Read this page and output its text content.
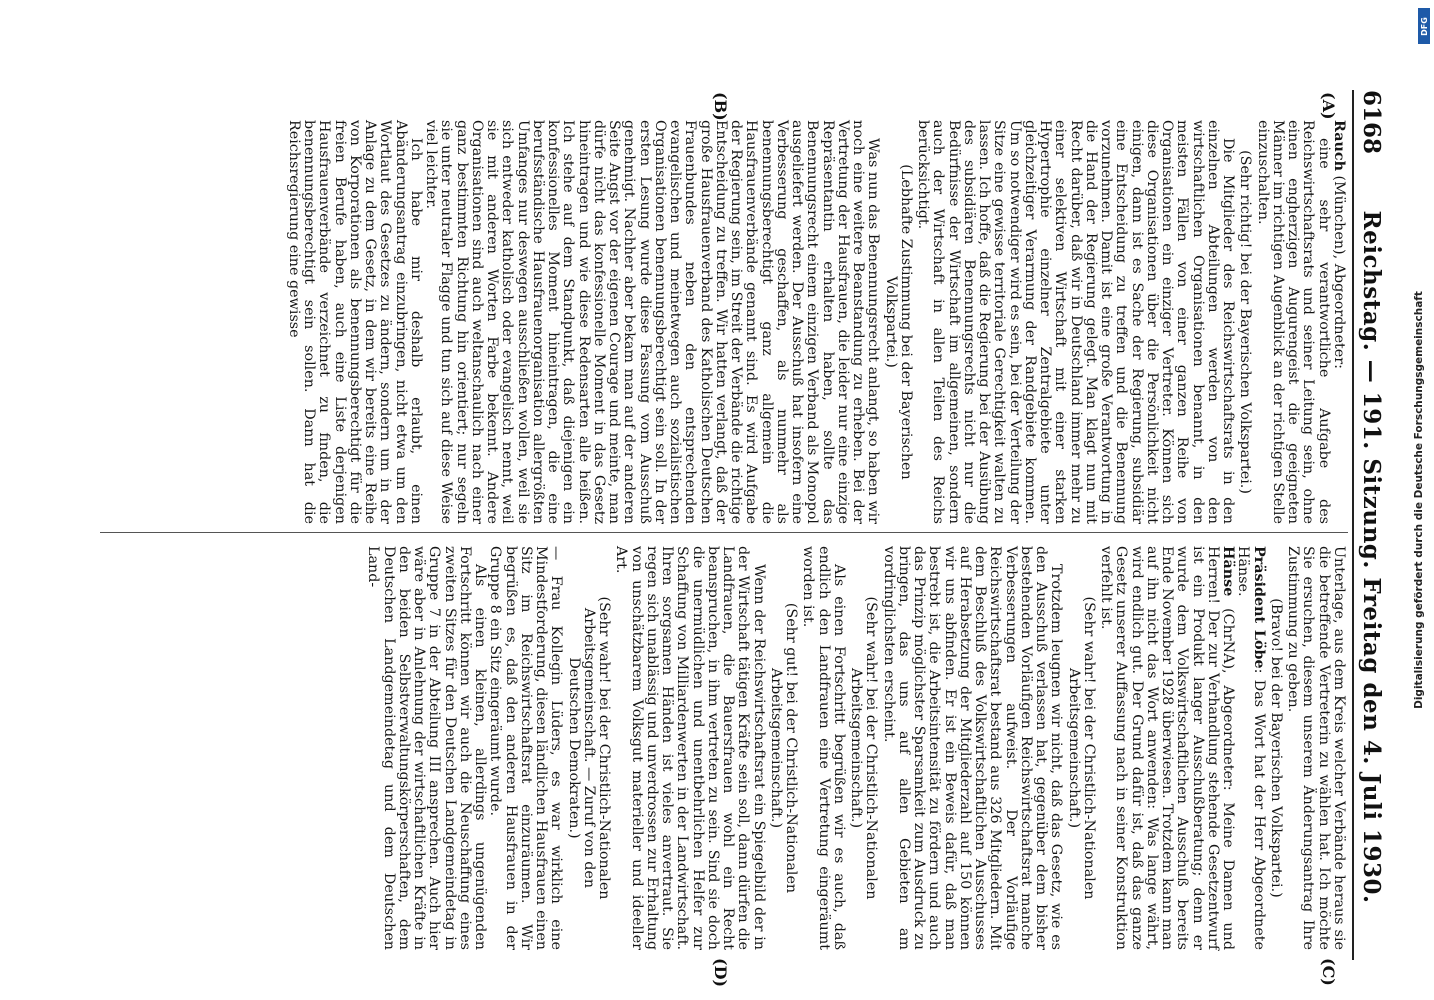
6168
Reichstag. — 191. Sitzung. Freitag den 4. Juli 1930.
(A)
(B)
(C)
(D)

Rauch (München), Abgeordneter:

eine sehr verantwortliche Aufgabe des Reichswirtschaftsrats und seiner Leitung sein, ohne einen engherzigen Augurengeist die geeigneten Männer im richtigen Augenblick an der richtigen Stelle einzuschalten.

(Sehr richtig! bei der Bayerischen Volkspartei.)

Die Mitglieder des Reichswirtschaftsrats in den einzelnen Abteilungen werden von den wirtschaftlichen Organisationen benannt, in den meisten Fällen von einer ganzen Reihe von Organisationen ein einziger Vertreter. Können sich diese Organisationen über die Persönlichkeit nicht einigen, dann ist es Sache der Regierung, subsidiär eine Entscheidung zu treffen und die Benennung vorzunehmen. Damit ist eine große Verantwortung in die Hand der Regierung gelegt. Man klagt nun mit Recht darüber, daß wir in Deutschland immer mehr zu einer selektiven Wirtschaft mit einer starken Hypertrophie einzelner Zentralgebiete unter gleichzeitiger Verarmung der Randgebiete kommen. Um so notwendiger wird es sein, bei der Verteilung der Sitze eine gewisse territoriale Gerechtigkeit walten zu lassen. Ich hoffe, daß die Regierung bei der Ausübung des subsidiären Benennungsrechts nicht nur die Bedürfnisse der Wirtschaft im allgemeinen, sondern auch der Wirtschaft in allen Teilen des Reichs berücksichtigt.

(Lebhafte Zustimmung bei der Bayerischen Volkspartei.)

Was nun das Benennungsrecht anlangt, so haben wir noch eine weitere Beanstandung zu erheben. Bei der Vertretung der Hausfrauen, die leider nur eine einzige Repräsentantin erhalten haben, sollte das Benennungsrecht einem einzigen Verband als Monopol ausgeliefert werden. Der Ausschuß hat insofern eine Verbesserung geschaffen, als nunmehr als benennungsberechtigt ganz allgemein die Hausfrauenverbände genannt sind. Es wird Aufgabe der Regierung sein, im Streit der Verbände die richtige Entscheidung zu treffen. Wir hatten verlangt, daß der große Hausfrauenverband des Katholischen Deutschen Frauenbundes neben den entsprechenden evangelischen und meinetwegen auch sozialistischen Organisationen benennungsberechtigt sein soll. In der ersten Lesung wurde diese Fassung vom Ausschuß genehmigt. Nachher aber bekam man auf der anderen Seite Angst vor der eigenen Courage und meinte, man dürfe nicht das konfessionelle Moment in das Gesetz hineintragen und wie diese Redensarten alle heißen. Ich stehe auf dem Standpunkt, daß diejenigen ein konfessionelles Moment hineintragen, die eine berufsständische Hausfrauenorganisation allergrößten Umfanges nur deswegen ausschließen wollen, weil sie sich entweder katholisch oder evangelisch nennt, weil sie mit anderen Worten Farbe bekennt. Andere Organisationen sind auch weltanschaulich nach einer ganz bestimmten Richtung hin orientiert; nur segeln sie unter neutraler Flagge und tun sich auf diese Weise viel leichter.

Ich habe mir deshalb erlaubt, einen Abänderungsantrag einzubringen, nicht etwa um den Wortlaut des Gesetzes zu ändern, sondern um in der Anlage zu dem Gesetz, in dem wir bereits eine Reihe von Korporationen als benennungsberechtigt für die freien Berufe haben, auch eine Liste derjenigen Hausfrauenverbände verzeichnet zu finden, die benennungsberechtigt sein sollen. Dann hat die Reichsregierung eine gewisse

Unterlage, aus dem Kreis welcher Verbände heraus sie die betreffende Vertreterin zu wählen hat. Ich möchte Sie ersuchen, diesem unserem Änderungsantrag Ihre Zustimmung zu geben.

(Bravo! bei der Bayerischen Volkspartei.)

Präsident Löbe: Das Wort hat der Herr Abgeordnete Hänse.

Hänse (ChrNA), Abgeordneter: Meine Damen und Herren! Der zur Verhandlung stehende Gesetzentwurf ist ein Produkt langer Ausschußberatung; denn er wurde dem Volkswirtschaftlichen Ausschuß bereits Ende November 1928 überwiesen. Trotzdem kann man auf ihn nicht das Wort anwenden: Was lange währt, wird endlich gut. Der Grund dafür ist, daß das ganze Gesetz unserer Auffassung nach in seiner Konstruktion verfehlt ist.

(Sehr wahr! bei der Christlich-Nationalen Arbeitsgemeinschaft.)

Trotzdem leugnen wir nicht, daß das Gesetz, wie es den Ausschuß verlassen hat, gegenüber dem bisher bestehenden Vorläufigen Reichswirtschaftsrat manche Verbesserungen aufweist. Der Vorläufige Reichswirtschaftsrat bestand aus 326 Mitgliedern. Mit dem Beschluß des Volkswirtschaftlichen Ausschusses auf Herabsetzung der Mitgliederzahl auf 150 können wir uns abfinden. Er ist ein Beweis dafür, daß man bestrebt ist, die Arbeitsintensität zu fördern und auch das Prinzip möglichster Sparsamkeit zum Ausdruck zu bringen, das uns auf allen Gebieten am vordringlichsten erscheint.

(Sehr wahr! bei der Christlich-Nationalen Arbeitsgemeinschaft.)

Als einen Fortschritt begrüßen wir es auch, daß endlich den Landfrauen eine Vertretung eingeräumt worden ist.

(Sehr gut! bei der Christlich-Nationalen Arbeitsgemeinschaft.)

Wenn der Reichswirtschaftsrat ein Spiegelbild der in der Wirtschaft tätigen Kräfte sein soll, dann dürfen die Landfrauen, die Bauersfrauen wohl ein Recht beanspruchen, in ihm vertreten zu sein. Sind sie doch die unermüdlichen und unentbehrlichen Helfer zur Schaffung von Milliardenwerten in der Landwirtschaft. Ihren sorgsamen Händen ist vieles anvertraut. Sie regen sich unablässig und unverdrossen zur Erhaltung von unschätzbarem Volksgut materieller und ideeller Art.

(Sehr wahr! bei der Christlich-Nationalen Arbeitsgemeinschaft. — Zuruf von den Deutschen Demokraten.)

— Frau Kollegin Lüders, es war wirklich eine Mindestforderung, diesen ländlichen Hausfrauen einen Sitz im Reichswirtschaftsrat einzuräumen. Wir begrüßen es, daß den anderen Hausfrauen in der Gruppe 8 ein Sitz eingeräumt wurde.

Als einen kleinen, allerdings ungenügenden Fortschritt können wir auch die Neuschaffung eines zweiten Sitzes für den Deutschen Landgemeindetag in Gruppe 7 in der Abteilung III ansprechen. Auch hier wäre aber in Anlehnung der wirtschaftlichen Kräfte in den beiden Selbstverwaltungskörperschaften, dem Deutschen Landgemeindetag und dem Deutschen Land-

DFG
Digitalisierung gefördert durch die Deutsche Forschungsgemeinschaft
